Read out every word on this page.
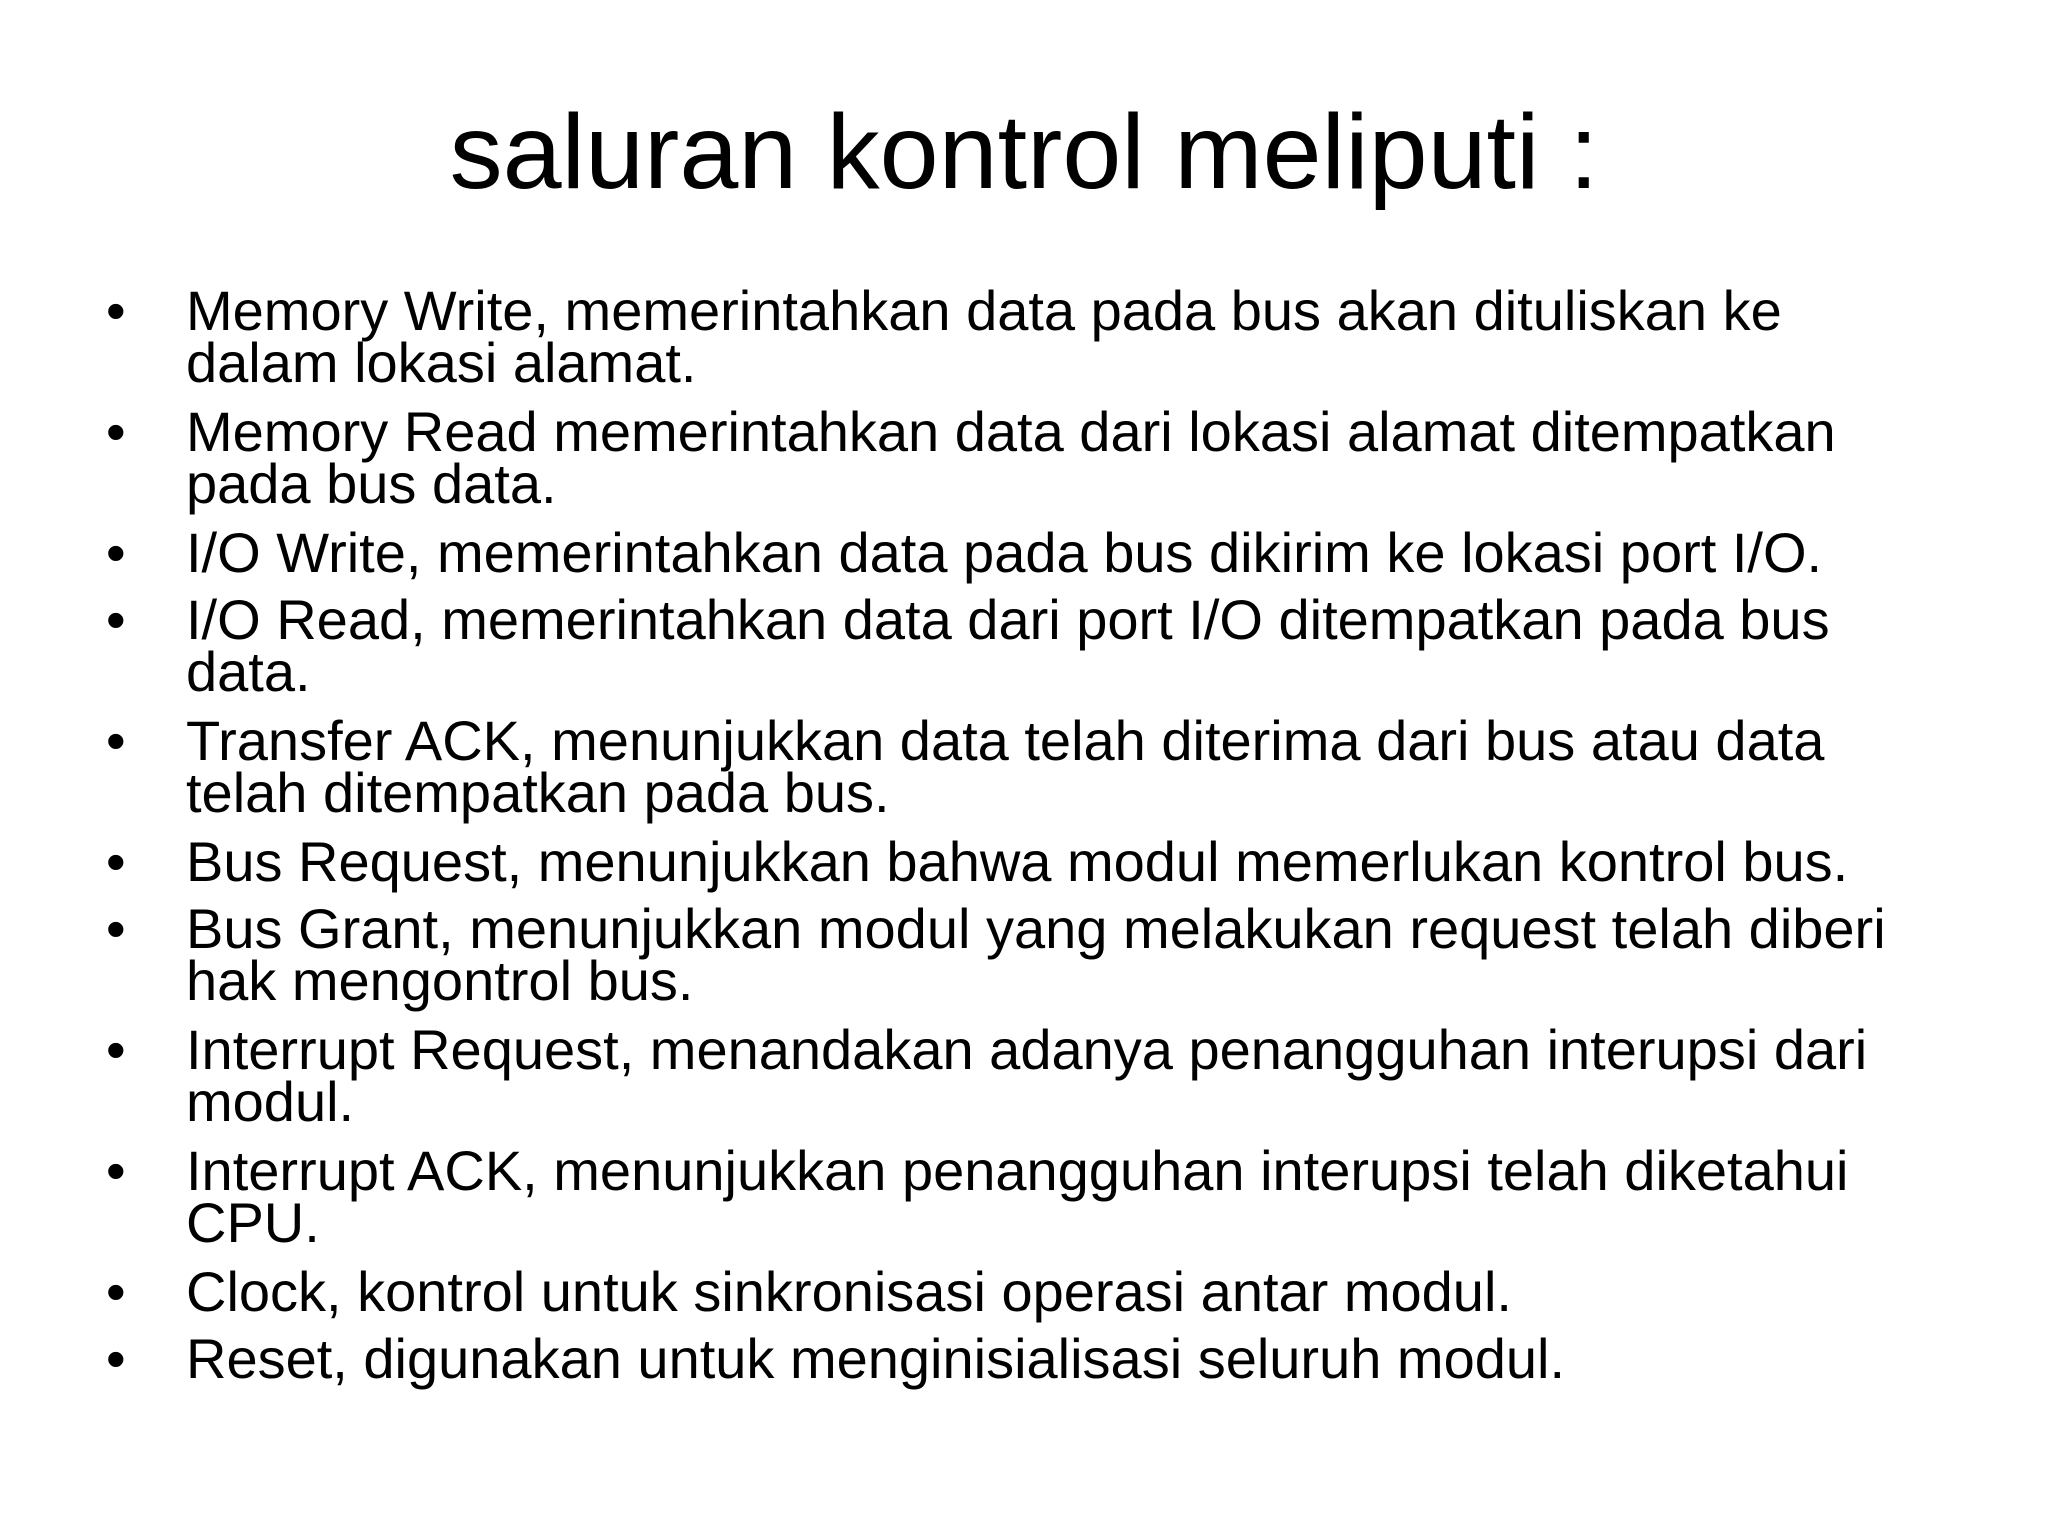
saluran kontrol meliputi :
•	Memory Write, memerintahkan data pada bus akan dituliskan ke
dalam lokasi alamat.
•	Memory Read memerintahkan data dari lokasi alamat ditempatkan
pada bus data.
•	I/O Write, memerintahkan data pada bus dikirim ke lokasi port I/O.
•	I/O Read, memerintahkan data dari port I/O ditempatkan pada bus
data.
•	Transfer ACK, menunjukkan data telah diterima dari bus atau data
telah ditempatkan pada bus.
•	Bus Request, menunjukkan bahwa modul memerlukan kontrol bus.
•	Bus Grant, menunjukkan modul yang melakukan request telah diberi
hak mengontrol bus.
•	Interrupt Request, menandakan adanya penangguhan interupsi dari
modul.
•	Interrupt ACK, menunjukkan penangguhan interupsi telah diketahui
CPU.
•	Clock, kontrol untuk sinkronisasi operasi antar modul.
•	Reset, digunakan untuk menginisialisasi seluruh modul.
